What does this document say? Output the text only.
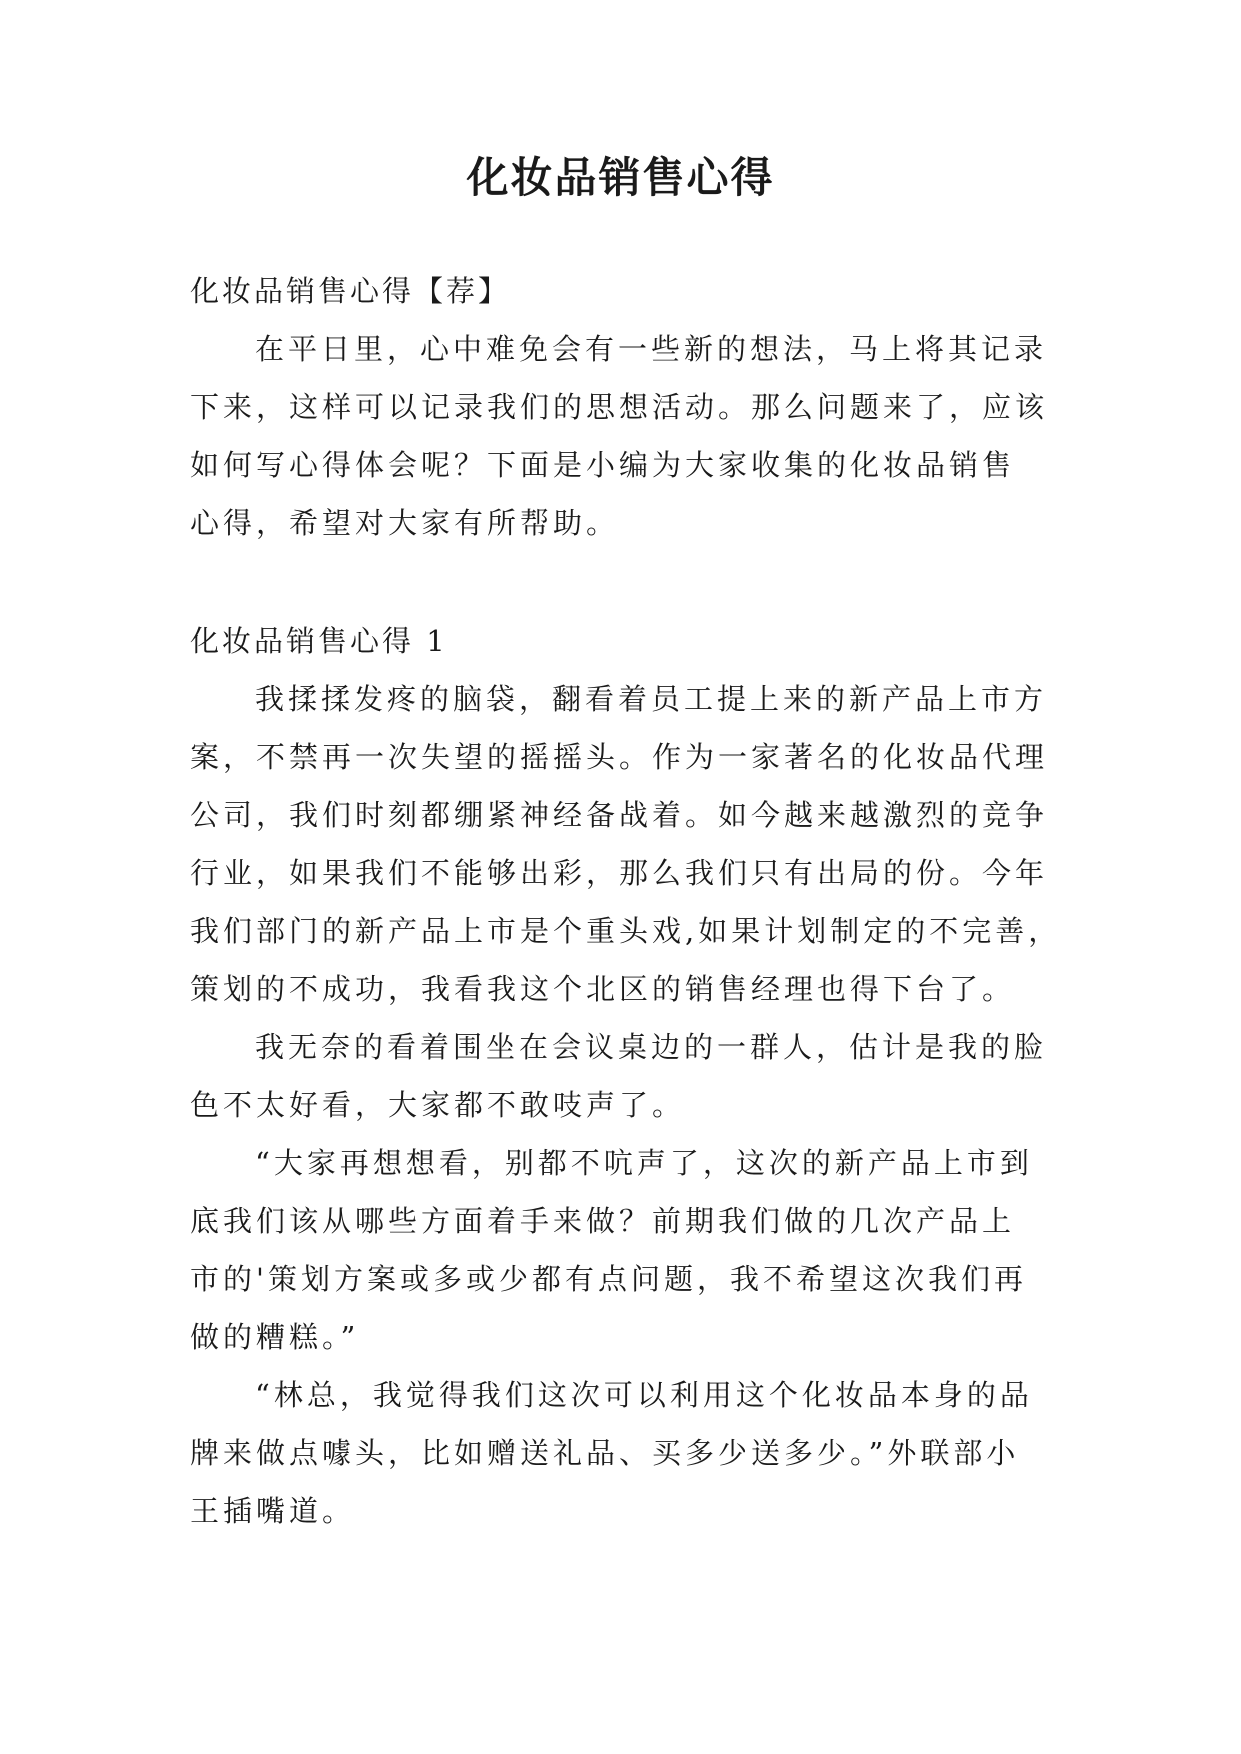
化妆品销售心得

化妆品销售心得【荐】

在平日里，心中难免会有一些新的想法，马上将其记录

下来，这样可以记录我们的思想活动。那么问题来了，应该

如何写心得体会呢？下面是小编为大家收集的化妆品销售

心得，希望对大家有所帮助。

化妆品销售心得 1

我揉揉发疼的脑袋，翻看着员工提上来的新产品上市方

案，不禁再一次失望的摇摇头。作为一家著名的化妆品代理

公司，我们时刻都绷紧神经备战着。如今越来越激烈的竞争

行业，如果我们不能够出彩，那么我们只有出局的份。今年

我们部门的新产品上市是个重头戏,如果计划制定的不完善，

策划的不成功，我看我这个北区的销售经理也得下台了。

我无奈的看着围坐在会议桌边的一群人，估计是我的脸

色不太好看，大家都不敢吱声了。

“大家再想想看，别都不吭声了，这次的新产品上市到

底我们该从哪些方面着手来做？前期我们做的几次产品上

市的'策划方案或多或少都有点问题，我不希望这次我们再

做的糟糕。”

“林总，我觉得我们这次可以利用这个化妆品本身的品

牌来做点噱头，比如赠送礼品、买多少送多少。”外联部小

王插嘴道。
